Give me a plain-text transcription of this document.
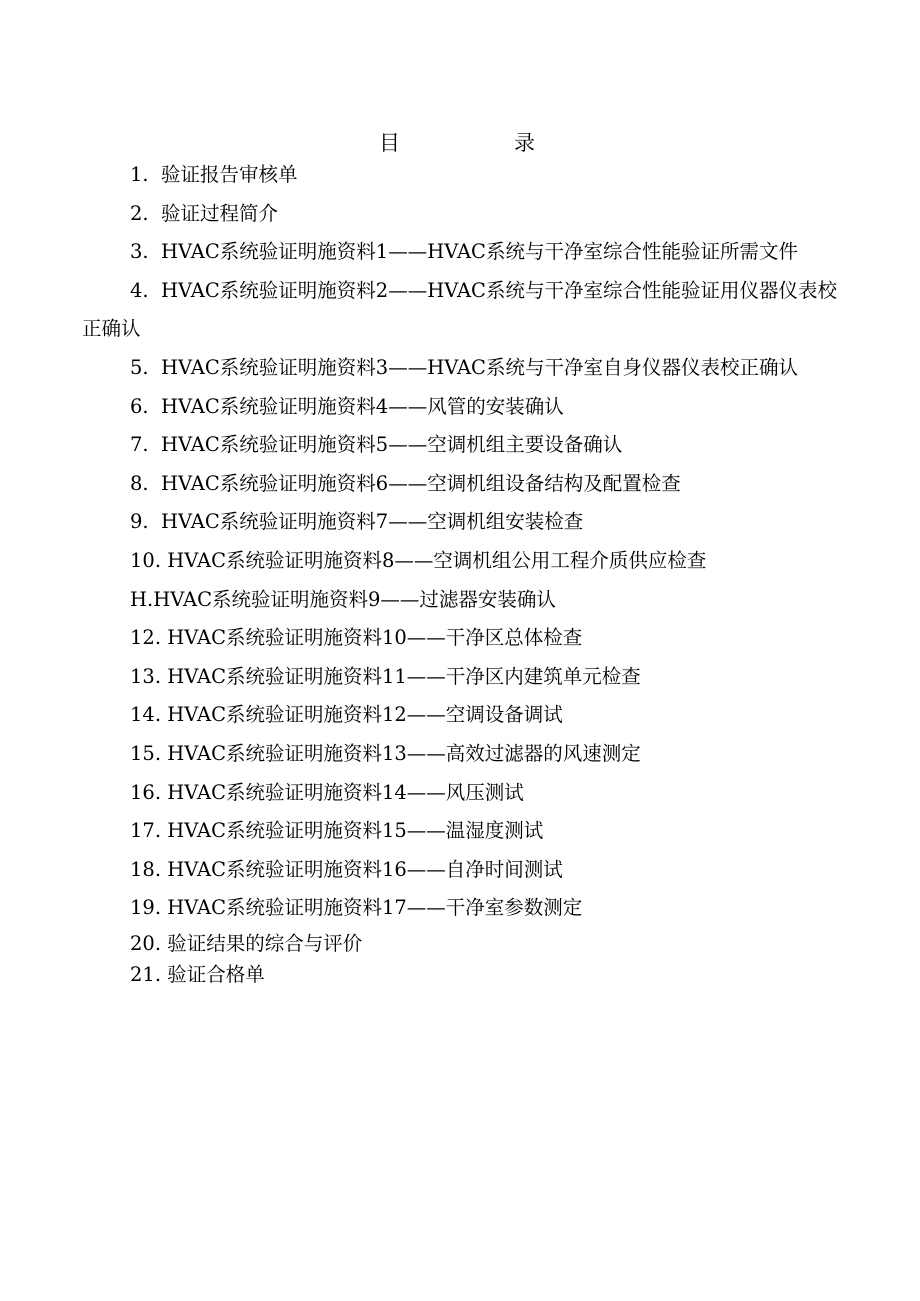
目	录
1. 验证报告审核单
2. 验证过程简介
3. HVAC系统验证明施资料1——HVAC系统与干净室综合性能验证所需文件
4. HVAC系统验证明施资料2——HVAC系统与干净室综合性能验证用仪器仪表校正确认
5. HVAC系统验证明施资料3——HVAC系统与干净室自身仪器仪表校正确认
6. HVAC系统验证明施资料4——风管的安装确认
7. HVAC系统验证明施资料5——空调机组主要设备确认
8. HVAC系统验证明施资料6——空调机组设备结构及配置检查
9. HVAC系统验证明施资料7——空调机组安装检查
10. HVAC系统验证明施资料8——空调机组公用工程介质供应检查
H.HVAC系统验证明施资料9——过滤器安装确认
12. HVAC系统验证明施资料10——干净区总体检查
13. HVAC系统验证明施资料11——干净区内建筑单元检查
14. HVAC系统验证明施资料12——空调设备调试
15. HVAC系统验证明施资料13——高效过滤器的风速测定
16. HVAC系统验证明施资料14——风压测试
17. HVAC系统验证明施资料15——温湿度测试
18. HVAC系统验证明施资料16——自净时间测试
19. HVAC系统验证明施资料17——干净室参数测定
20. 验证结果的综合与评价
21. 验证合格单
